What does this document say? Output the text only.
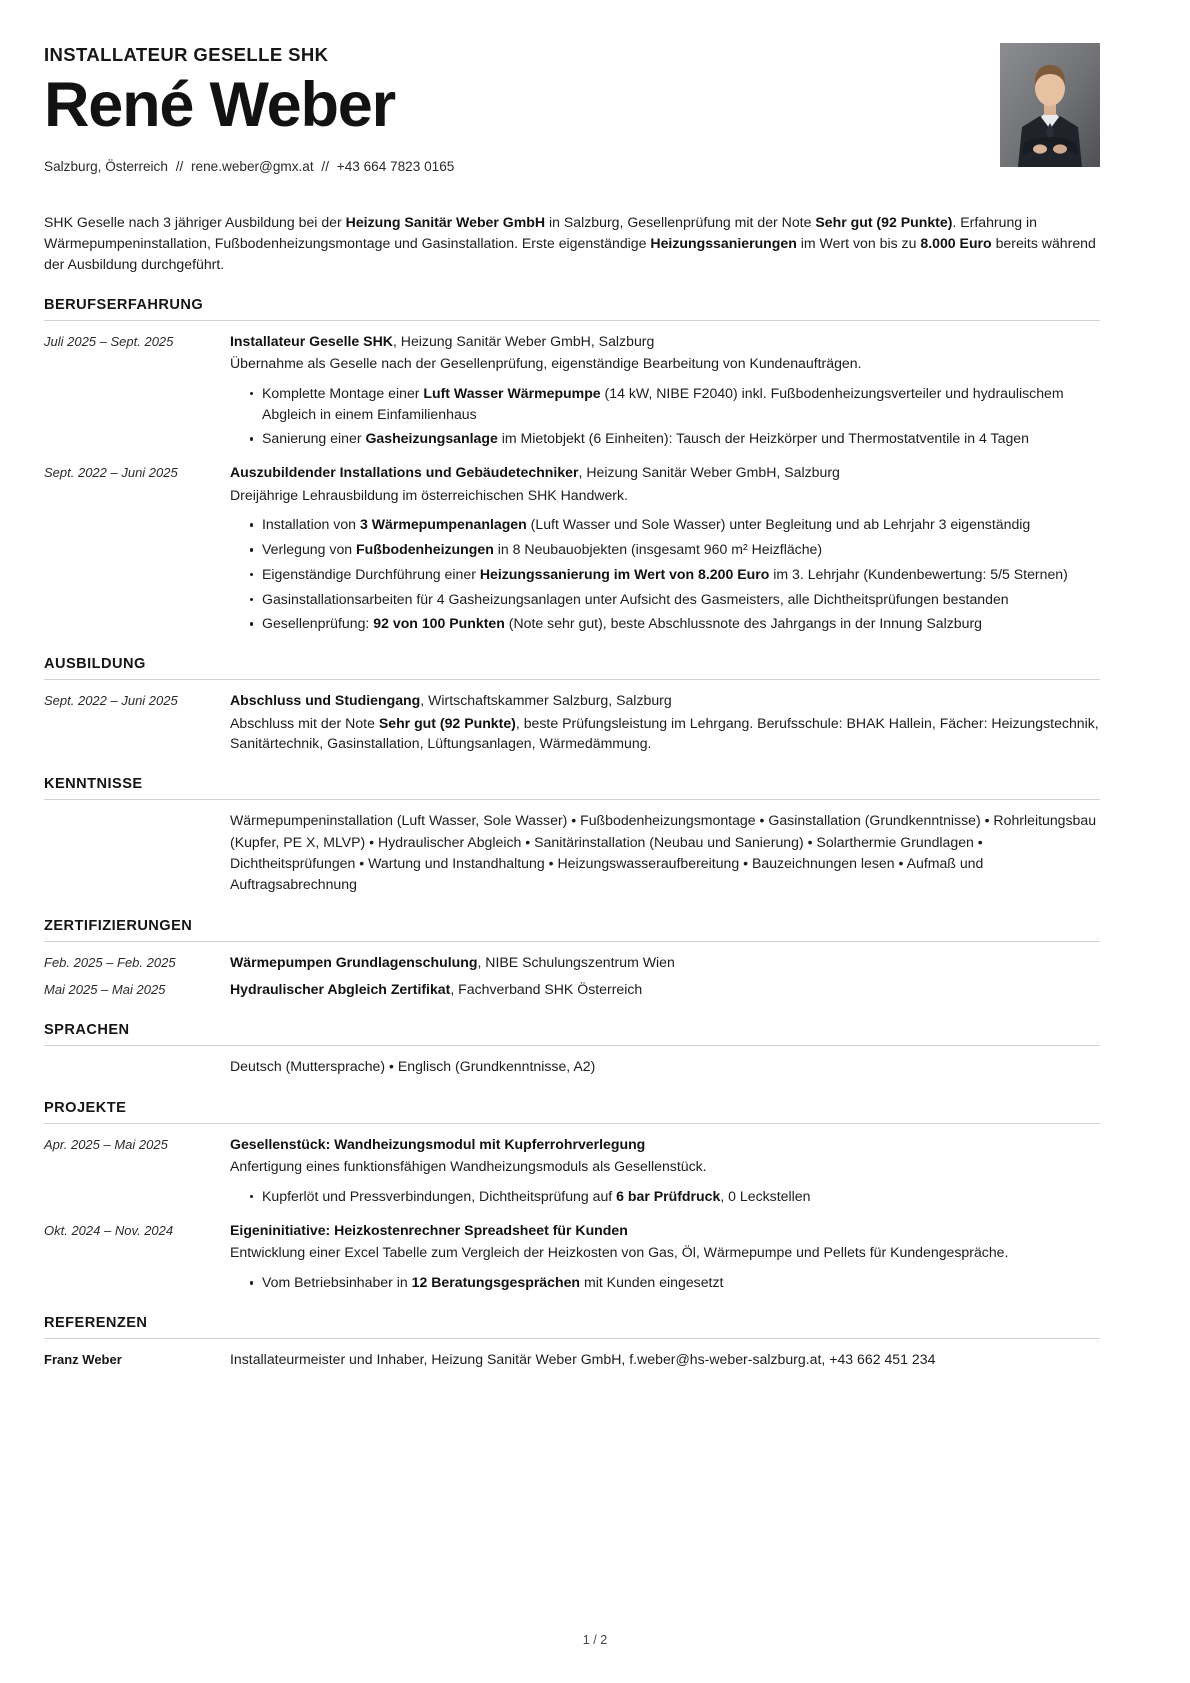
INSTALLATEUR GESELLE SHK
René Weber
Salzburg, Österreich // rene.weber@gmx.at // +43 664 7823 0165

SHK Geselle nach 3 jähriger Ausbildung bei der Heizung Sanitär Weber GmbH in Salzburg, Gesellenprüfung mit der Note Sehr gut (92 Punkte). Erfahrung in Wärmepumpeninstallation, Fußbodenheizungsmontage und Gasinstallation. Erste eigenständige Heizungssanierungen im Wert von bis zu 8.000 Euro bereits während der Ausbildung durchgeführt.

BERUFSERFAHRUNG
Juli 2025 – Sept. 2025	Installateur Geselle SHK, Heizung Sanitär Weber GmbH, Salzburg

Übernahme als Geselle nach der Gesellenprüfung, eigenständige Bearbeitung von Kundenaufträgen.

Komplette Montage einer Luft Wasser Wärmepumpe (14 kW, NIBE F2040) inkl. Fußbodenheizungsverteiler und hydraulischem Abgleich in einem Einfamilienhaus
Sanierung einer Gasheizungsanlage im Mietobjekt (6 Einheiten): Tausch der Heizkörper und Thermostatventile in 4 Tagen
Sept. 2022 – Juni 2025	Auszubildender Installations und Gebäudetechniker, Heizung Sanitär Weber GmbH, Salzburg

Dreijährige Lehrausbildung im österreichischen SHK Handwerk.

Installation von 3 Wärmepumpenanlagen (Luft Wasser und Sole Wasser) unter Begleitung und ab Lehrjahr 3 eigenständig
Verlegung von Fußbodenheizungen in 8 Neubauobjekten (insgesamt 960 m² Heizfläche)
Eigenständige Durchführung einer Heizungssanierung im Wert von 8.200 Euro im 3. Lehrjahr (Kundenbewertung: 5/5 Sternen)
Gasinstallationsarbeiten für 4 Gasheizungsanlagen unter Aufsicht des Gasmeisters, alle Dichtheitsprüfungen bestanden
Gesellenprüfung: 92 von 100 Punkten (Note sehr gut), beste Abschlussnote des Jahrgangs in der Innung Salzburg
AUSBILDUNG
Sept. 2022 – Juni 2025	Abschluss und Studiengang, Wirtschaftskammer Salzburg, Salzburg

Abschluss mit der Note Sehr gut (92 Punkte), beste Prüfungsleistung im Lehrgang. Berufsschule: BHAK Hallein, Fächer: Heizungstechnik, Sanitärtechnik, Gasinstallation, Lüftungsanlagen, Wärmedämmung.

KENNTNISSE
Wärmepumpeninstallation (Luft Wasser, Sole Wasser) • Fußbodenheizungsmontage • Gasinstallation (Grundkenntnisse) • Rohrleitungsbau (Kupfer, PE X, MLVP) • Hydraulischer Abgleich • Sanitärinstallation (Neubau und Sanierung) • Solarthermie Grundlagen • Dichtheitsprüfungen • Wartung und Instandhaltung • Heizungswasseraufbereitung • Bauzeichnungen lesen • Aufmaß und Auftragsabrechnung
ZERTIFIZIERUNGEN
Feb. 2025 – Feb. 2025	Wärmepumpen Grundlagenschulung, NIBE Schulungszentrum Wien

Mai 2025 – Mai 2025	Hydraulischer Abgleich Zertifikat, Fachverband SHK Österreich

SPRACHEN
Deutsch (Muttersprache) • Englisch (Grundkenntnisse, A2)
PROJEKTE
Apr. 2025 – Mai 2025	Gesellenstück: Wandheizungsmodul mit Kupferrohrverlegung

Anfertigung eines funktionsfähigen Wandheizungsmoduls als Gesellenstück.

Kupferlöt und Pressverbindungen, Dichtheitsprüfung auf 6 bar Prüfdruck, 0 Leckstellen
Okt. 2024 – Nov. 2024	Eigeninitiative: Heizkostenrechner Spreadsheet für Kunden

Entwicklung einer Excel Tabelle zum Vergleich der Heizkosten von Gas, Öl, Wärmepumpe und Pellets für Kundengespräche.

Vom Betriebsinhaber in 12 Beratungsgesprächen mit Kunden eingesetzt
REFERENZEN
Franz Weber	Installateurmeister und Inhaber, Heizung Sanitär Weber GmbH, f.weber@hs-weber-salzburg.at, +43 662 451 234
1 / 2
